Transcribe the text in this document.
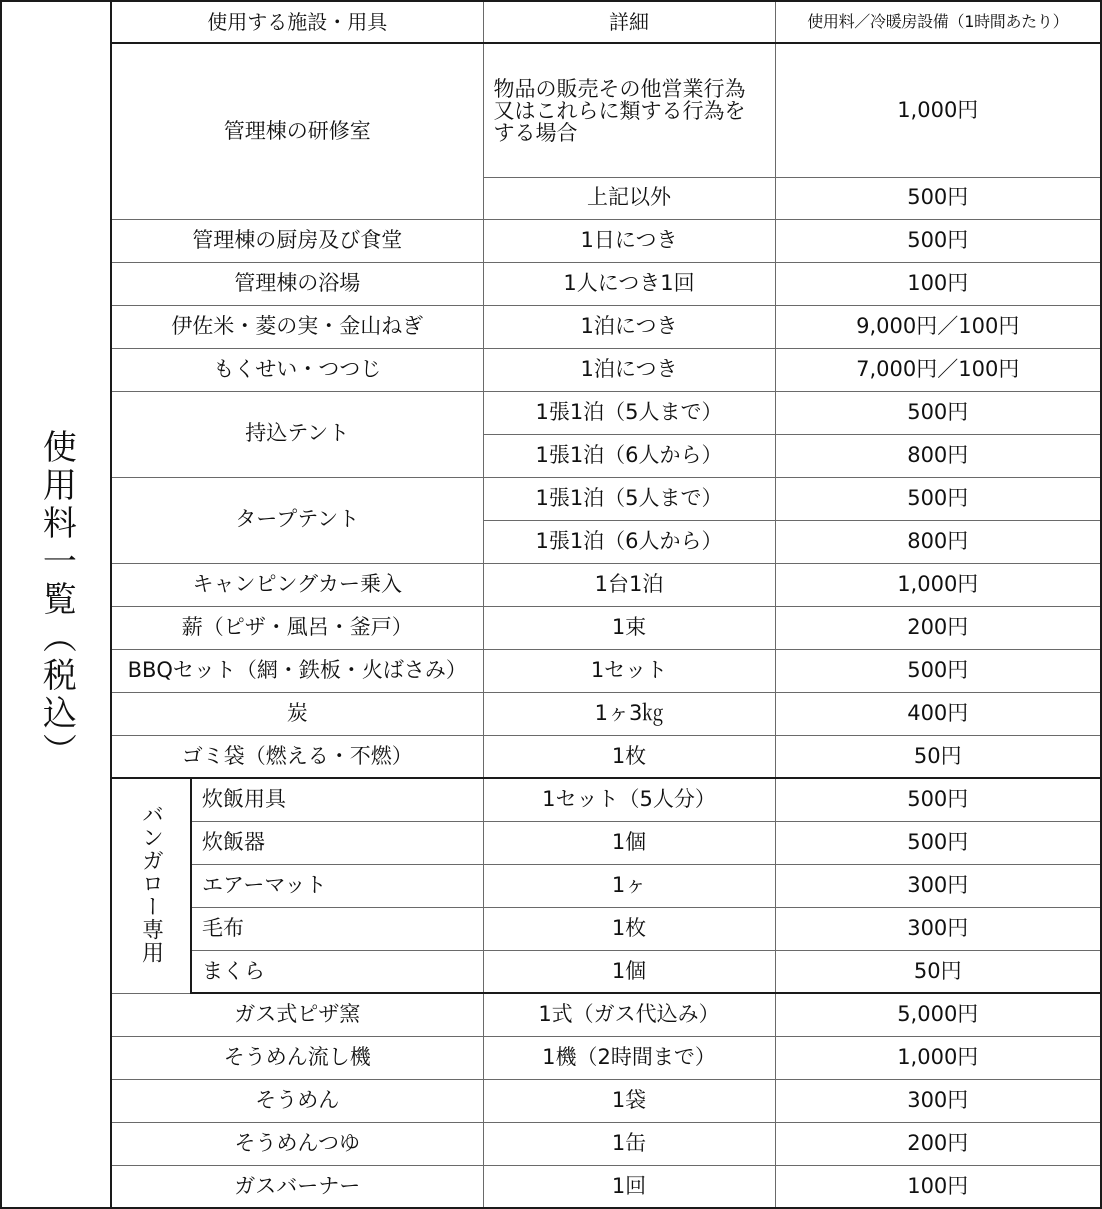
使用料一覧（税込）	使用する施設・用具		詳細	使用料／冷暖房設備（1時間あたり）
	管理棟の研修室		物品の販売その他営業行為又はこれらに類する行為をする場合	1,000円
			上記以外	500円
	管理棟の厨房及び食堂		1日につき	500円
	管理棟の浴場		1人につき1回	100円
	伊佐米・菱の実・金山ねぎ		1泊につき	9,000円／100円
	もくせい・つつじ		1泊につき	7,000円／100円
	持込テント		1張1泊（5人まで）	500円
			1張1泊（6人から）	800円
	タープテント		1張1泊（5人まで）	500円
			1張1泊（6人から）	800円
	キャンピングカー乗入		1台1泊	1,000円
	薪（ピザ・風呂・釜戸）		1束	200円
	BBQセット（網・鉄板・火ばさみ）		1セット	500円
	炭		1ヶ3㎏	400円
	ゴミ袋（燃える・不燃）		1枚	50円
	バンガロー専用	炊飯用具	1セット（5人分）	500円
		炊飯器	1個	500円
		エアーマット	1ヶ	300円
		毛布	1枚	300円
		まくら	1個	50円
	ガス式ピザ窯		1式（ガス代込み）	5,000円
	そうめん流し機		1機（2時間まで）	1,000円
	そうめん		1袋	300円
	そうめんつゆ		1缶	200円
	ガスバーナー		1回	100円
